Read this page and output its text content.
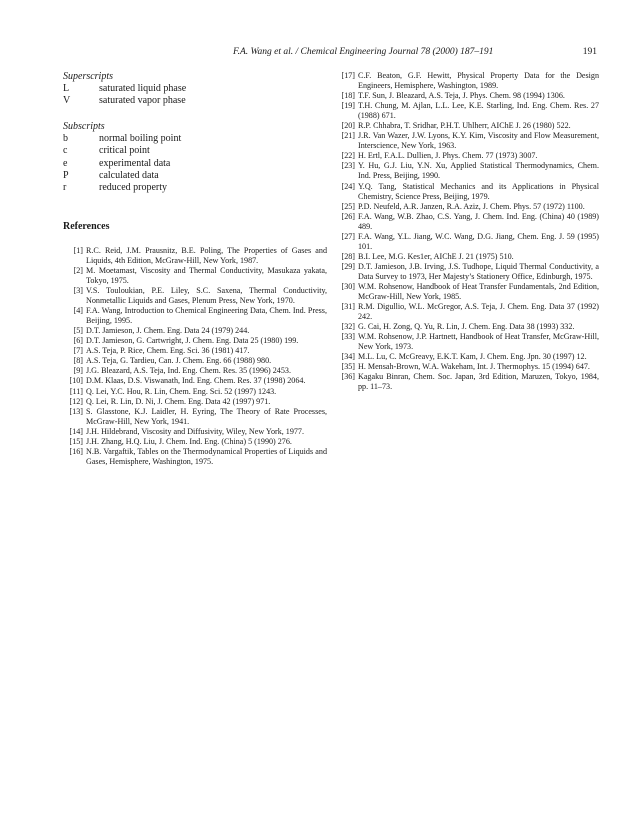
F.A. Wang et al. / Chemical Engineering Journal 78 (2000) 187–191	191
Superscripts
L	saturated liquid phase
V	saturated vapor phase
Subscripts
b	normal boiling point
c	critical point
e	experimental data
P	calculated data
r	reduced property
References
[1] R.C. Reid, J.M. Prausnitz, B.E. Poling, The Properties of Gases and Liquids, 4th Edition, McGraw-Hill, New York, 1987.
[2] M. Moetamast, Viscosity and Thermal Conductivity, Masukaza yakata, Tokyo, 1975.
[3] V.S. Touloukian, P.E. Liley, S.C. Saxena, Thermal Conductivity, Nonmetallic Liquids and Gases, Plenum Press, New York, 1970.
[4] F.A. Wang, Introduction to Chemical Engineering Data, Chem. Ind. Press, Beijing, 1995.
[5] D.T. Jamieson, J. Chem. Eng. Data 24 (1979) 244.
[6] D.T. Jamieson, G. Cartwright, J. Chem. Eng. Data 25 (1980) 199.
[7] A.S. Teja, P. Rice, Chem. Eng. Sci. 36 (1981) 417.
[8] A.S. Teja, G. Tardieu, Can. J. Chem. Eng. 66 (1988) 980.
[9] J.G. Bleazard, A.S. Teja, Ind. Eng. Chem. Res. 35 (1996) 2453.
[10] D.M. Klaas, D.S. Viswanath, Ind. Eng. Chem. Res. 37 (1998) 2064.
[11] Q. Lei, Y.C. Hou, R. Lin, Chem. Eng. Sci. 52 (1997) 1243.
[12] Q. Lei, R. Lin, D. Ni, J. Chem. Eng. Data 42 (1997) 971.
[13] S. Glasstone, K.J. Laidler, H. Eyring, The Theory of Rate Processes, McGraw-Hill, New York, 1941.
[14] J.H. Hildebrand, Viscosity and Diffusivity, Wiley, New York, 1977.
[15] J.H. Zhang, H.Q. Liu, J. Chem. Ind. Eng. (China) 5 (1990) 276.
[16] N.B. Vargaftik, Tables on the Thermodynamical Properties of Liquids and Gases, Hemisphere, Washington, 1975.
[17] C.F. Beaton, G.F. Hewitt, Physical Property Data for the Design Engineers, Hemisphere, Washington, 1989.
[18] T.F. Sun, J. Bleazard, A.S. Teja, J. Phys. Chem. 98 (1994) 1306.
[19] T.H. Chung, M. Ajlan, L.L. Lee, K.E. Starling, Ind. Eng. Chem. Res. 27 (1988) 671.
[20] R.P. Chhabra, T. Sridhar, P.H.T. Uhlherr, AIChE J. 26 (1980) 522.
[21] J.R. Van Wazer, J.W. Lyons, K.Y. Kim, Viscosity and Flow Measurement, Interscience, New York, 1963.
[22] H. Ertl, F.A.L. Dullien, J. Phys. Chem. 77 (1973) 3007.
[23] Y. Hu, G.J. Liu, Y.N. Xu, Applied Statistical Thermodynamics, Chem. Ind. Press, Beijing, 1990.
[24] Y.Q. Tang, Statistical Mechanics and its Applications in Physical Chemistry, Science Press, Beijing, 1979.
[25] P.D. Neufeld, A.R. Janzen, R.A. Aziz, J. Chem. Phys. 57 (1972) 1100.
[26] F.A. Wang, W.B. Zhao, C.S. Yang, J. Chem. Ind. Eng. (China) 40 (1989) 489.
[27] F.A. Wang, Y.L. Jiang, W.C. Wang, D.G. Jiang, Chem. Eng. J. 59 (1995) 101.
[28] B.I. Lee, M.G. Kes1er, AIChE J. 21 (1975) 510.
[29] D.T. Jamieson, J.B. Irving, J.S. Tudhope, Liquid Thermal Conductivity, a Data Survey to 1973, Her Majesty’s Stationery Office, Edinburgh, 1975.
[30] W.M. Rohsenow, Handbook of Heat Transfer Fundamentals, 2nd Edition, McGraw-Hill, New York, 1985.
[31] R.M. Digullio, W.L. McGregor, A.S. Teja, J. Chem. Eng. Data 37 (1992) 242.
[32] G. Cai, H. Zong, Q. Yu, R. Lin, J. Chem. Eng. Data 38 (1993) 332.
[33] W.M. Rohsenow, J.P. Hartnett, Handbook of Heat Transfer, McGraw-Hill, New York, 1973.
[34] M.L. Lu, C. McGreavy, E.K.T. Kam, J. Chem. Eng. Jpn. 30 (1997) 12.
[35] H. Mensah-Brown, W.A. Wakeham, Int. J. Thermophys. 15 (1994) 647.
[36] Kagaku Binran, Chem. Soc. Japan, 3rd Edition, Maruzen, Tokyo, 1984, pp. 11–73.
